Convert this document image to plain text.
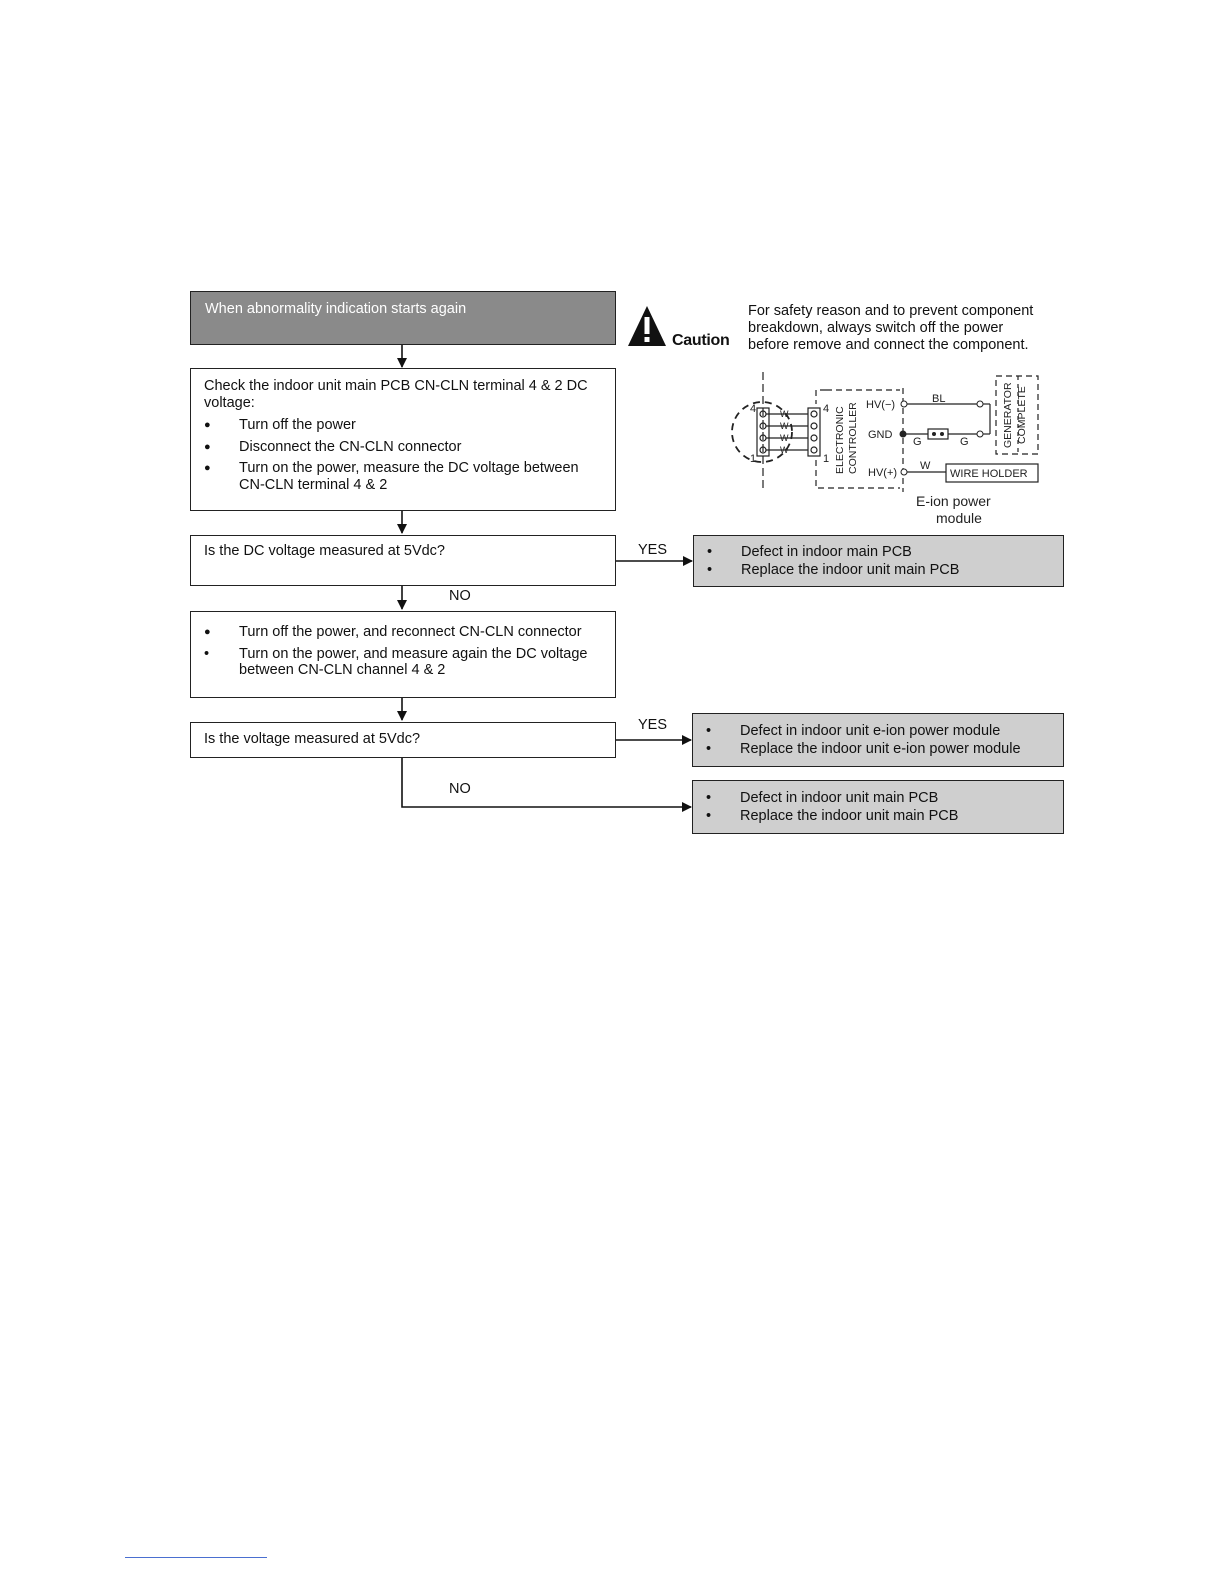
When abnormality indication starts again
Caution
For safety reason and to prevent component
breakdown, always switch off the power
before remove and connect the component.
Check the indoor unit main PCB CN-CLN terminal 4 & 2 DC
voltage:
● Turn off the power
● Disconnect the CN-CLN connector
● Turn on the power, measure the DC voltage between
CN-CLN terminal 4 & 2
4
1
W
W
W
W
4
1 ELECTRONIC CONTROLLER HV(−)
GND
HV(+)
BL
G	G
W
GENERATOR COMPLETE
WIRE HOLDER
E-ion power
module
Is the DC voltage measured at 5Vdc?	YES
NO
• Defect in indoor main PCB
• Replace the indoor unit main PCB
● Turn off the power, and reconnect CN-CLN connector
• Turn on the power, and measure again the DC voltage
between CN-CLN channel 4 & 2
Is the voltage measured at 5Vdc?
YES
NO
• Defect in indoor unit e-ion power module
• Replace the indoor unit e-ion power module
• Defect in indoor unit main PCB
• Replace the indoor unit main PCB
